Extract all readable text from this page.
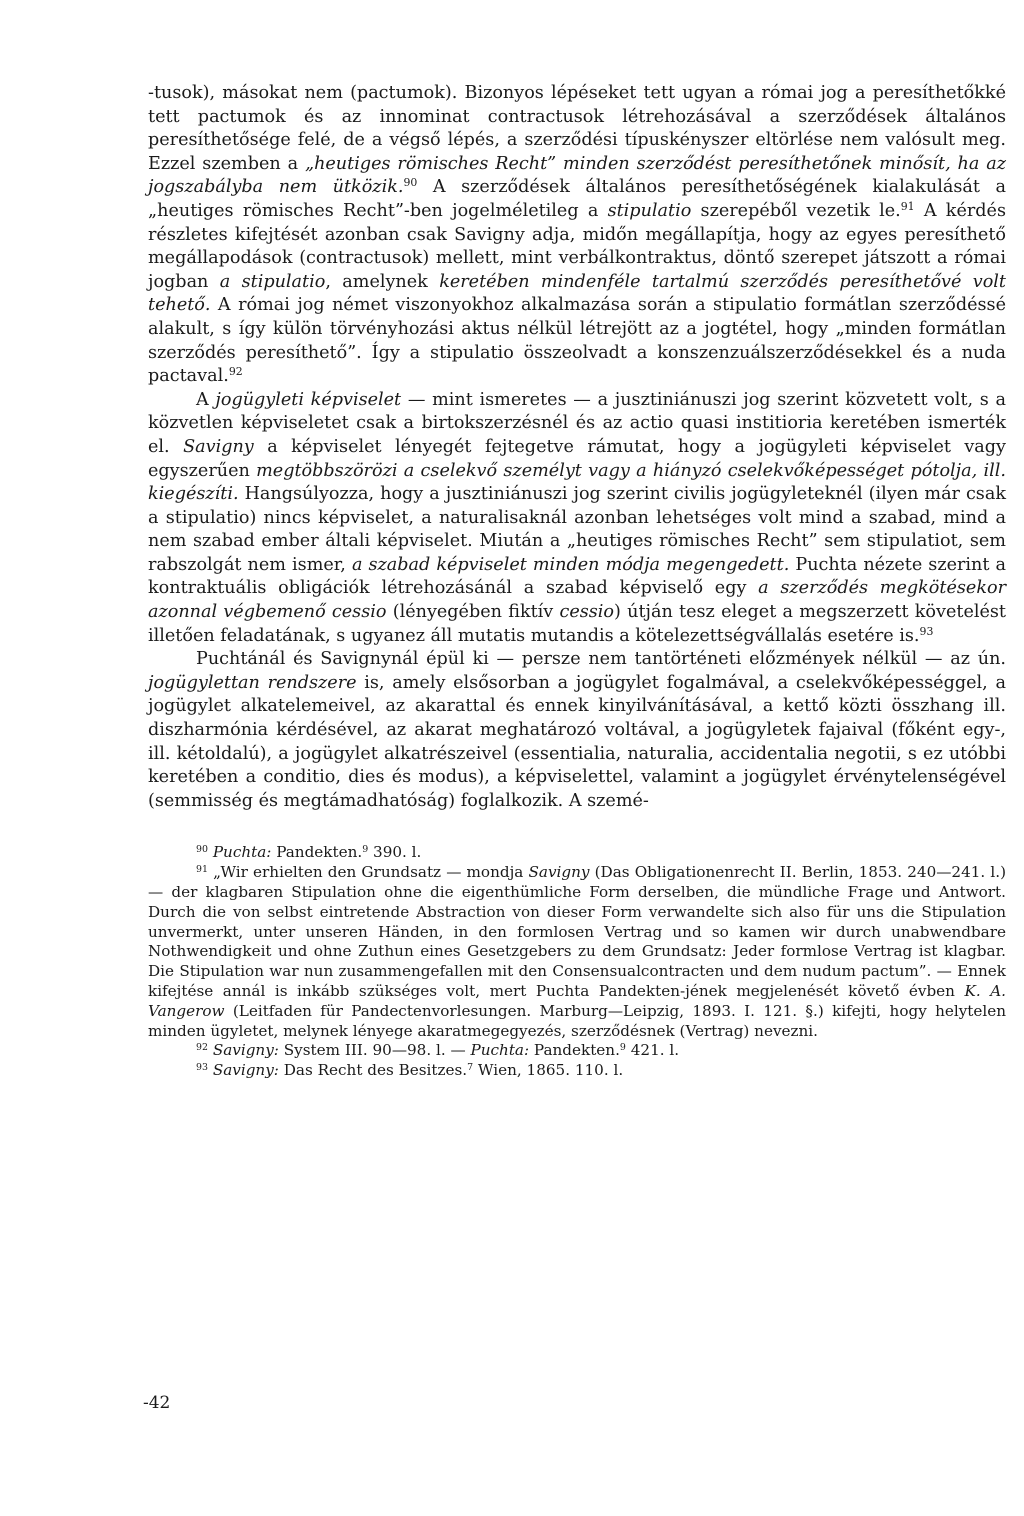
-tusok), másokat nem (pactumok). Bizonyos lépéseket tett ugyan a római jog a peresíthetőkké tett pactumok és az innominat contractusok létrehozásával a szerződések általános peresíthetősége felé, de a végső lépés, a szerződési típuskényszer eltörlése nem valósult meg. Ezzel szemben a „heutiges römisches Recht” minden szerződést peresíthetőnek minősít, ha az jogszabályba nem ütközik.$^{90}$ A szerződések általános peresíthetőségének kialakulását a „heutiges römisches Recht”-ben jogelméletileg a stipulatio szerepéből vezetik le.$^{91}$ A kérdés részletes kifejtését azonban csak Savigny adja, midőn megállapítja, hogy az egyes peresíthető megállapodások (contractusok) mellett, mint verbálkontraktus, döntő szerepet játszott a római jogban a stipulatio, amelynek keretében mindenféle tartalmú szerződés peresíthetővé volt tehető. A római jog német viszonyokhoz alkalmazása során a stipulatio formátlan szerződéssé alakult, s így külön törvényhozási aktus nélkül létrejött az a jogtétel, hogy „minden formátlan szerződés peresíthető”. Így a stipulatio összeolvadt a konszenzuálszerződésekkel és a nuda pactaval.$^{92}$

A jogügyleti képviselet — mint ismeretes — a jusztiniánuszi jog szerint közvetett volt, s a közvetlen képviseletet csak a birtokszerzésnél és az actio quasi institioria keretében ismerték el. Savigny a képviselet lényegét fejtegetve rámutat, hogy a jogügyleti képviselet vagy egyszerűen megtöbbszörözi a cselekvő személyt vagy a hiányzó cselekvőképességet pótolja, ill. kiegészíti. Hangsúlyozza, hogy a jusztiniánuszi jog szerint civilis jogügyleteknél (ilyen már csak a stipulatio) nincs képviselet, a naturalisaknál azonban lehetséges volt mind a szabad, mind a nem szabad ember általi képviselet. Miután a „heutiges römisches Recht” sem stipulatiot, sem rabszolgát nem ismer, a szabad képviselet minden módja megengedett. Puchta nézete szerint a kontraktuális obligációk létrehozásánál a szabad képviselő egy a szerződés megkötésekor azonnal végbemenő cessio (lényegében fiktív cessio) útján tesz eleget a megszerzett követelést illetően feladatának, s ugyanez áll mutatis mutandis a kötelezettségvállalás esetére is.$^{93}$

Puchtánál és Savignynál épül ki — persze nem tantörténeti előzmények nélkül — az ún. jogügylettan rendszere is, amely elsősorban a jogügylet fogalmával, a cselekvőképességgel, a jogügylet alkatelemeivel, az akarattal és ennek kinyilvánításával, a kettő közti összhang ill. diszharmónia kérdésével, az akarat meghatározó voltával, a jogügyletek fajaival (főként egy-, ill. kétoldalú), a jogügylet alkatrészeivel (essentialia, naturalia, accidentalia negotii, s ez utóbbi keretében a conditio, dies és modus), a képviselettel, valamint a jogügylet érvénytelenségével (semmisség és megtámadhatóság) foglalkozik. A szemé-

$^{90}$ Puchta: Pandekten.$^9$ 390. l.

$^{91}$ „Wir erhielten den Grundsatz — mondja Savigny (Das Obligationenrecht II. Berlin, 1853. 240—241. l.) — der klagbaren Stipulation ohne die eigenthümliche Form derselben, die mündliche Frage und Antwort. Durch die von selbst eintretende Abstraction von dieser Form verwandelte sich also für uns die Stipulation unvermerkt, unter unseren Händen, in den formlosen Vertrag und so kamen wir durch unabwendbare Nothwendigkeit und ohne Zuthun eines Gesetzgebers zu dem Grundsatz: Jeder formlose Vertrag ist klagbar. Die Stipulation war nun zusammengefallen mit den Consensualcontracten und dem nudum pactum”. — Ennek kifejtése annál is inkább szükséges volt, mert Puchta Pandekten-jének megjelenését követő évben K. A. Vangerow (Leitfaden für Pandectenvorlesungen. Marburg—Leipzig, 1893. I. 121. §.) kifejti, hogy helytelen minden ügyletet, melynek lényege akaratmegegyezés, szerződésnek (Vertrag) nevezni.

$^{92}$ Savigny: System III. 90—98. l. — Puchta: Pandekten.$^9$ 421. l.

$^{93}$ Savigny: Das Recht des Besitzes.$^7$ Wien, 1865. 110. l.

-42
